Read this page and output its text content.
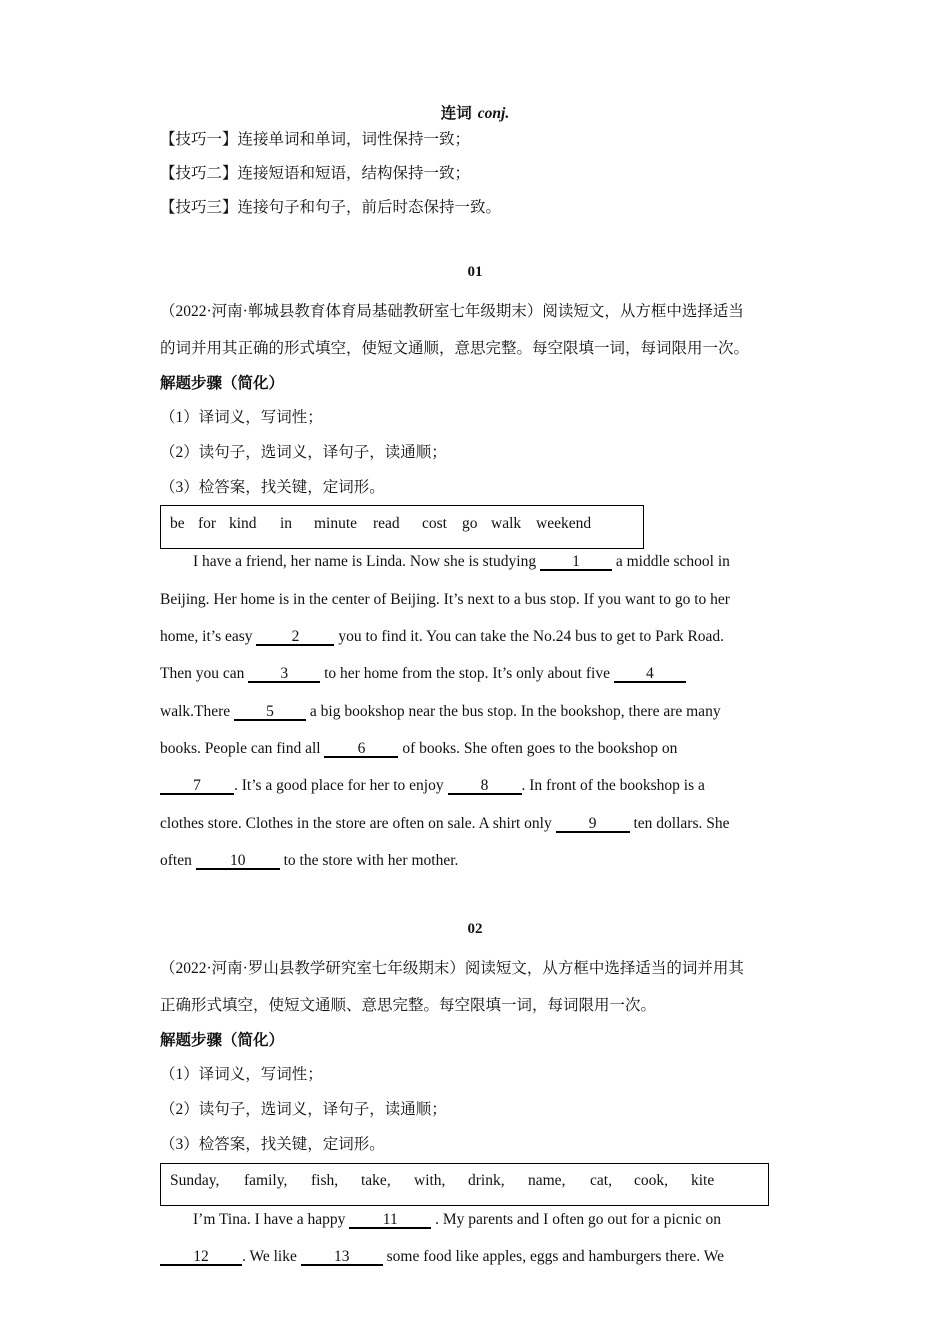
连词 conj.
【技巧一】连接单词和单词，词性保持一致；
【技巧二】连接短语和短语，结构保持一致；
【技巧三】连接句子和句子，前后时态保持一致。
01
（2022·河南·郸城县教育体育局基础教研室七年级期末）阅读短文，从方框中选择适当
的词并用其正确的形式填空，使短文通顺，意思完整。每空限填一词，每词限用一次。
解题步骤（简化）
（1）译词义，写词性；
（2）读句子，选词义，译句子，读通顺；
（3）检答案，找关键，定词形。
be for kind in minute read cost go walk weekend
I have a friend, her name is Linda. Now she is studying 1 a middle school in
Beijing. Her home is in the center of Beijing. It’s next to a bus stop. If you want to go to her
home, it’s easy	2	you to find it. You can take the No.24 bus to get to Park Road.
Then you can 3 to her home from the stop. It’s only about five 4
walk.There 5 a big bookshop near the bus stop. In the bookshop, there are many
books. People can find all 6 of books. She often goes to the bookshop on
7 . It’s a good place for her to enjoy 8 . In front of the bookshop is a
clothes store. Clothes in the store are often on sale. A shirt only 9 ten dollars. She
often 10 to the store with her mother.
02
（2022·河南·罗山县教学研究室七年级期末）阅读短文，从方框中选择适当的词并用其
正确形式填空，使短文通顺、意思完整。每空限填一词，每词限用一次。
解题步骤（简化）
（1）译词义，写词性；
（2）读句子，选词义，译句子，读通顺；
（3）检答案，找关键，定词形。
Sunday, family, fish, take, with, drink, name, cat, cook, kite
I’m Tina. I have a happy 11 . My parents and I often go out for a picnic on
12 . We like 13 some food like apples, eggs and hamburgers there. We
